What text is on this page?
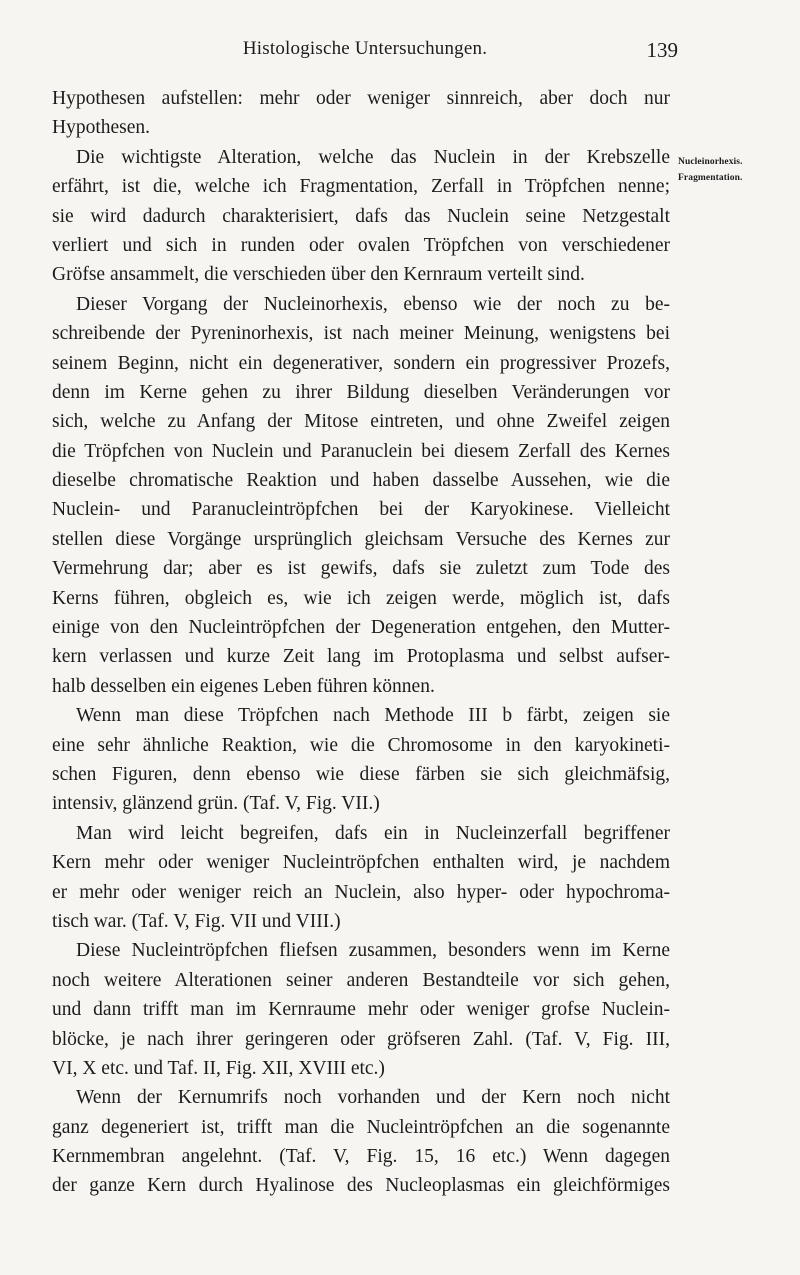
Histologische Untersuchungen.	139
Nucleinorhexis.
Fragmentation.
Hypothesen aufstellen: mehr oder weniger sinnreich, aber doch nur
Hypothesen.
Die wichtigste Alteration, welche das Nuclein in der Krebszelle
erfährt, ist die, welche ich Fragmentation, Zerfall in Tröpfchen nenne;
sie wird dadurch charakterisiert, dafs das Nuclein seine Netzgestalt
verliert und sich in runden oder ovalen Tröpfchen von verschiedener
Gröfse ansammelt, die verschieden über den Kernraum verteilt sind.
Dieser Vorgang der Nucleinorhexis, ebenso wie der noch zu be-
schreibende der Pyreninorhexis, ist nach meiner Meinung, wenigstens bei
seinem Beginn, nicht ein degenerativer, sondern ein progressiver Prozefs,
denn im Kerne gehen zu ihrer Bildung dieselben Veränderungen vor
sich, welche zu Anfang der Mitose eintreten, und ohne Zweifel zeigen
die Tröpfchen von Nuclein und Paranuclein bei diesem Zerfall des Kernes
dieselbe chromatische Reaktion und haben dasselbe Aussehen, wie die
Nuclein- und Paranucleintröpfchen bei der Karyokinese. Vielleicht
stellen diese Vorgänge ursprünglich gleichsam Versuche des Kernes zur
Vermehrung dar; aber es ist gewifs, dafs sie zuletzt zum Tode des
Kerns führen, obgleich es, wie ich zeigen werde, möglich ist, dafs
einige von den Nucleintröpfchen der Degeneration entgehen, den Mutter-
kern verlassen und kurze Zeit lang im Protoplasma und selbst aufser-
halb desselben ein eigenes Leben führen können.
Wenn man diese Tröpfchen nach Methode III b färbt, zeigen sie
eine sehr ähnliche Reaktion, wie die Chromosome in den karyokineti-
schen Figuren, denn ebenso wie diese färben sie sich gleichmäfsig,
intensiv, glänzend grün. (Taf. V, Fig. VII.)
Man wird leicht begreifen, dafs ein in Nucleinzerfall begriffener
Kern mehr oder weniger Nucleintröpfchen enthalten wird, je nachdem
er mehr oder weniger reich an Nuclein, also hyper- oder hypochroma-
tisch war. (Taf. V, Fig. VII und VIII.)
Diese Nucleintröpfchen fliefsen zusammen, besonders wenn im Kerne
noch weitere Alterationen seiner anderen Bestandteile vor sich gehen,
und dann trifft man im Kernraume mehr oder weniger grofse Nuclein-
blöcke, je nach ihrer geringeren oder gröfseren Zahl. (Taf. V, Fig. III,
VI, X etc. und Taf. II, Fig. XII, XVIII etc.)
Wenn der Kernumrifs noch vorhanden und der Kern noch nicht
ganz degeneriert ist, trifft man die Nucleintröpfchen an die sogenannte
Kernmembran angelehnt. (Taf. V, Fig. 15, 16 etc.) Wenn dagegen
der ganze Kern durch Hyalinose des Nucleoplasmas ein gleichförmiges
